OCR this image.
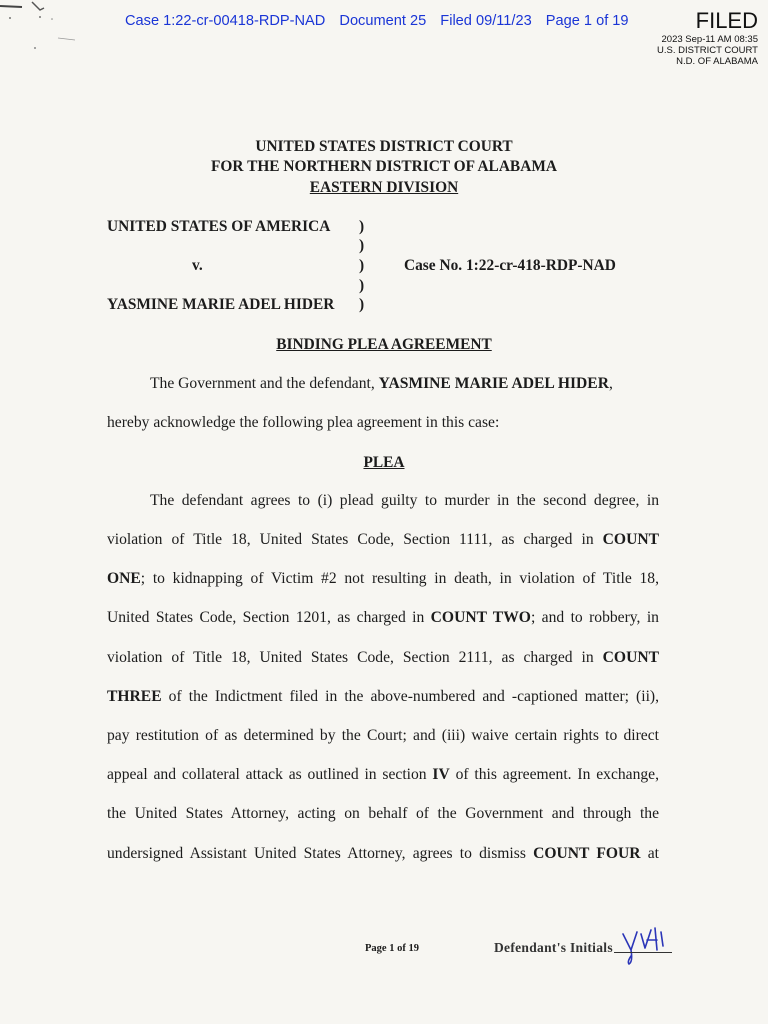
Case 1:22-cr-00418-RDP-NAD Document 25 Filed 09/11/23 Page 1 of 19	FILED
2023 Sep-11 AM 08:35
U.S. DISTRICT COURT
N.D. OF ALABAMA
UNITED STATES DISTRICT COURT
FOR THE NORTHERN DISTRICT OF ALABAMA
EASTERN DIVISION
UNITED STATES OF AMERICA
v.
YASMINE MARIE ADEL HIDER
)
)
)
)
)
Case No. 1:22-cr-418-RDP-NAD
BINDING PLEA AGREEMENT
The Government and the defendant, YASMINE MARIE ADEL HIDER,
hereby acknowledge the following plea agreement in this case:
PLEA
The defendant agrees to (i) plead guilty to murder in the second degree, in
violation of Title 18, United States Code, Section 1111, as charged in COUNT
ONE; to kidnapping of Victim #2 not resulting in death, in violation of Title 18,
United States Code, Section 1201, as charged in COUNT TWO; and to robbery, in
violation of Title 18, United States Code, Section 2111, as charged in COUNT
THREE of the Indictment filed in the above-numbered and -captioned matter; (ii),
pay restitution of as determined by the Court; and (iii) waive certain rights to direct
appeal and collateral attack as outlined in section IV of this agreement. In exchange,
the United States Attorney, acting on behalf of the Government and through the
undersigned Assistant United States Attorney, agrees to dismiss COUNT FOUR at
Page 1 of 19	Defendant's Initials
